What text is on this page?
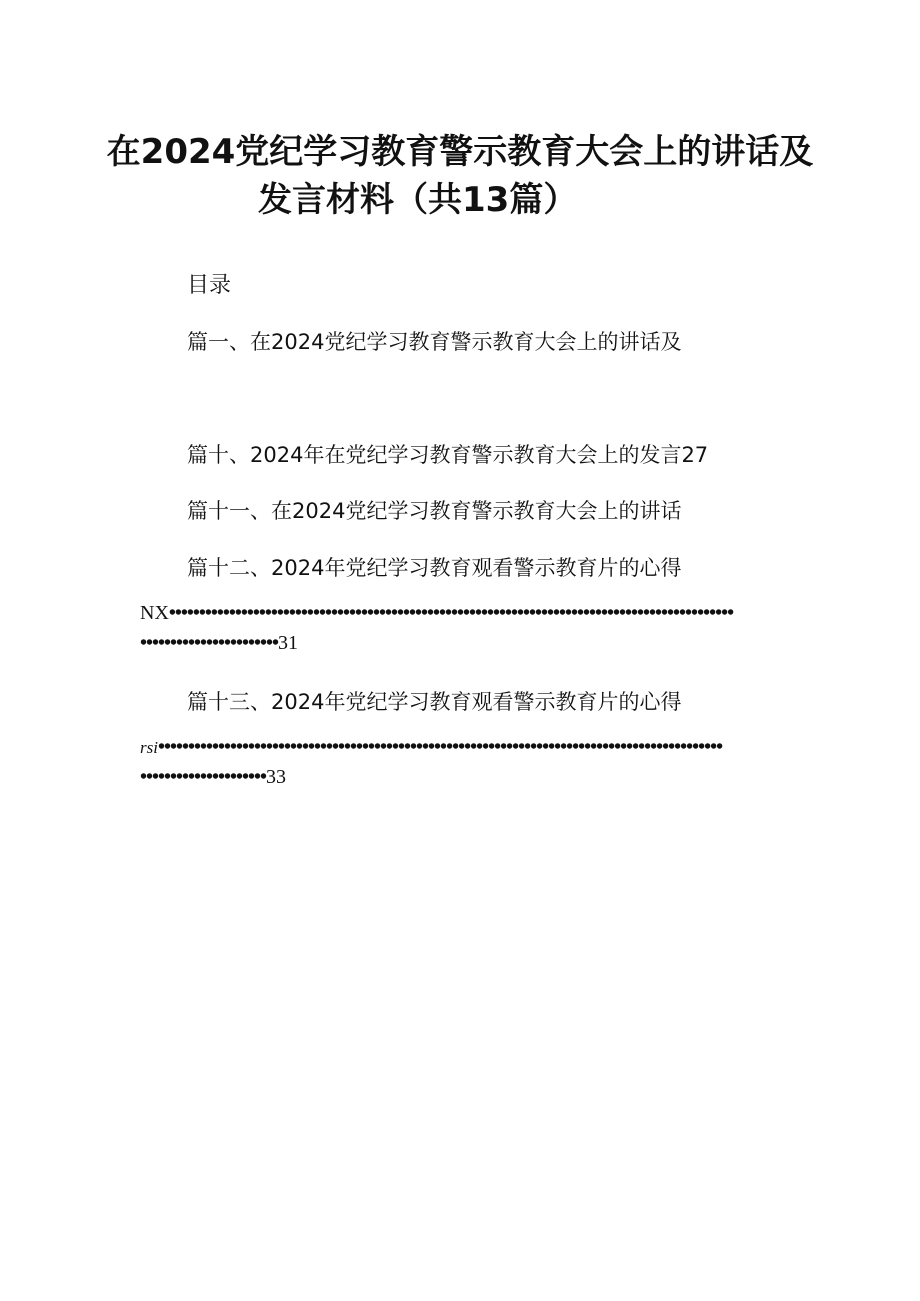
在2024党纪学习教育警示教育大会上的讲话及
发言材料（共13篇）
目录
篇一、在2024党纪学习教育警示教育大会上的讲话及
篇十、2024年在党纪学习教育警示教育大会上的发言27
篇十一、在2024党纪学习教育警示教育大会上的讲话
篇十二、2024年党纪学习教育观看警示教育片的心得
NX••••••••••••••••••••••••••••••••••••••••••••••••••••••••••••••••••••••••••••••••••••••••••••••
•••••••••••••••••••••••31
篇十三、2024年党纪学习教育观看警示教育片的心得
rsi••••••••••••••••••••••••••••••••••••••••••••••••••••••••••••••••••••••••••••••••••••••••••••••
•••••••••••••••••••••33
